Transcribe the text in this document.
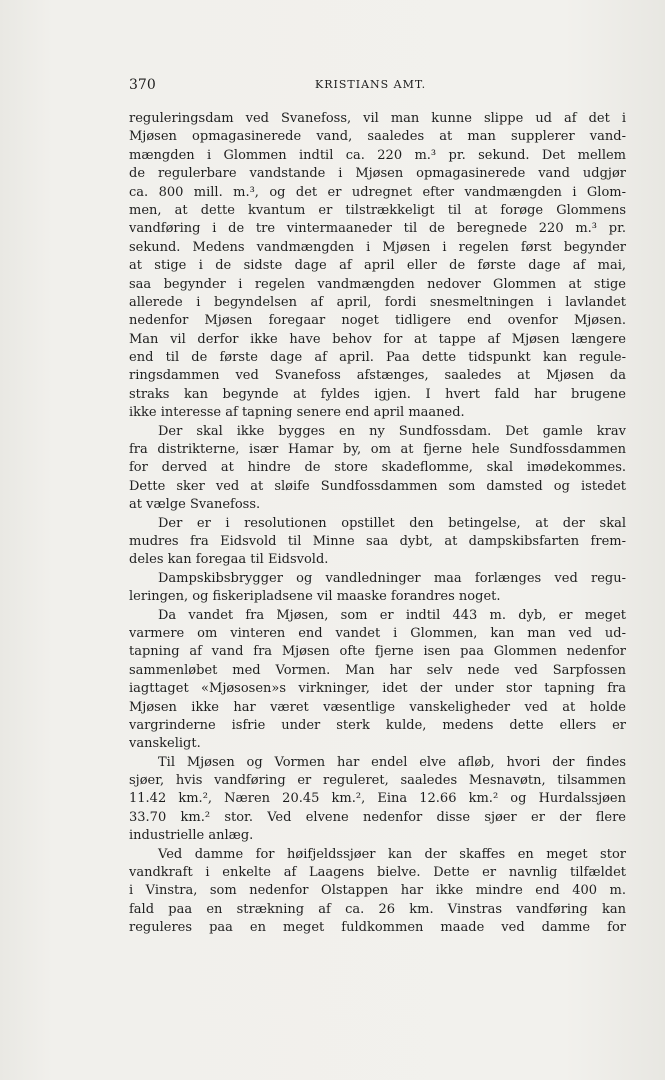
370	KRISTIANS AMT.
reguleringsdam ved Svanefoss, vil man kunne slippe ud af det i
Mjøsen opmagasinerede vand, saaledes at man supplerer vand-
mængden i Glommen indtil ca. 220 m.³ pr. sekund. Det mellem
de regulerbare vandstande i Mjøsen opmagasinerede vand udgjør
ca. 800 mill. m.³, og det er udregnet efter vandmængden i Glom-
men, at dette kvantum er tilstrækkeligt til at forøge Glommens
vandføring i de tre vintermaaneder til de beregnede 220 m.³ pr.
sekund. Medens vandmængden i Mjøsen i regelen først begynder
at stige i de sidste dage af april eller de første dage af mai,
saa begynder i regelen vandmængden nedover Glommen at stige
allerede i begyndelsen af april, fordi snesmeltningen i lavlandet
nedenfor Mjøsen foregaar noget tidligere end ovenfor Mjøsen.
Man vil derfor ikke have behov for at tappe af Mjøsen længere
end til de første dage af april. Paa dette tidspunkt kan regule-
ringsdammen ved Svanefoss afstænges, saaledes at Mjøsen da
straks kan begynde at fyldes igjen. I hvert fald har brugene
ikke interesse af tapning senere end april maaned.
Der skal ikke bygges en ny Sundfossdam. Det gamle krav
fra distrikterne, især Hamar by, om at fjerne hele Sundfossdammen
for derved at hindre de store skadeflomme, skal imødekommes.
Dette sker ved at sløife Sundfossdammen som damsted og istedet
at vælge Svanefoss.
Der er i resolutionen opstillet den betingelse, at der skal
mudres fra Eidsvold til Minne saa dybt, at dampskibsfarten frem-
deles kan foregaa til Eidsvold.
Dampskibsbrygger og vandledninger maa forlænges ved regu-
leringen, og fiskeripladsene vil maaske forandres noget.
Da vandet fra Mjøsen, som er indtil 443 m. dyb, er meget
varmere om vinteren end vandet i Glommen, kan man ved ud-
tapning af vand fra Mjøsen ofte fjerne isen paa Glommen nedenfor
sammenløbet med Vormen. Man har selv nede ved Sarpfossen
iagttaget «Mjøsosen»s virkninger, idet der under stor tapning fra
Mjøsen ikke har været væsentlige vanskeligheder ved at holde
vargrinderne isfrie under sterk kulde, medens dette ellers er
vanskeligt.
Til Mjøsen og Vormen har endel elve afløb, hvori der findes
sjøer, hvis vandføring er reguleret, saaledes Mesnavøtn, tilsammen
11.42 km.², Næren 20.45 km.², Eina 12.66 km.² og Hurdalssjøen
33.70 km.² stor. Ved elvene nedenfor disse sjøer er der flere
industrielle anlæg.
Ved damme for høifjeldssjøer kan der skaffes en meget stor
vandkraft i enkelte af Laagens bielve. Dette er navnlig tilfældet
i Vinstra, som nedenfor Olstappen har ikke mindre end 400 m.
fald paa en strækning af ca. 26 km. Vinstras vandføring kan
reguleres paa en meget fuldkommen maade ved damme for
